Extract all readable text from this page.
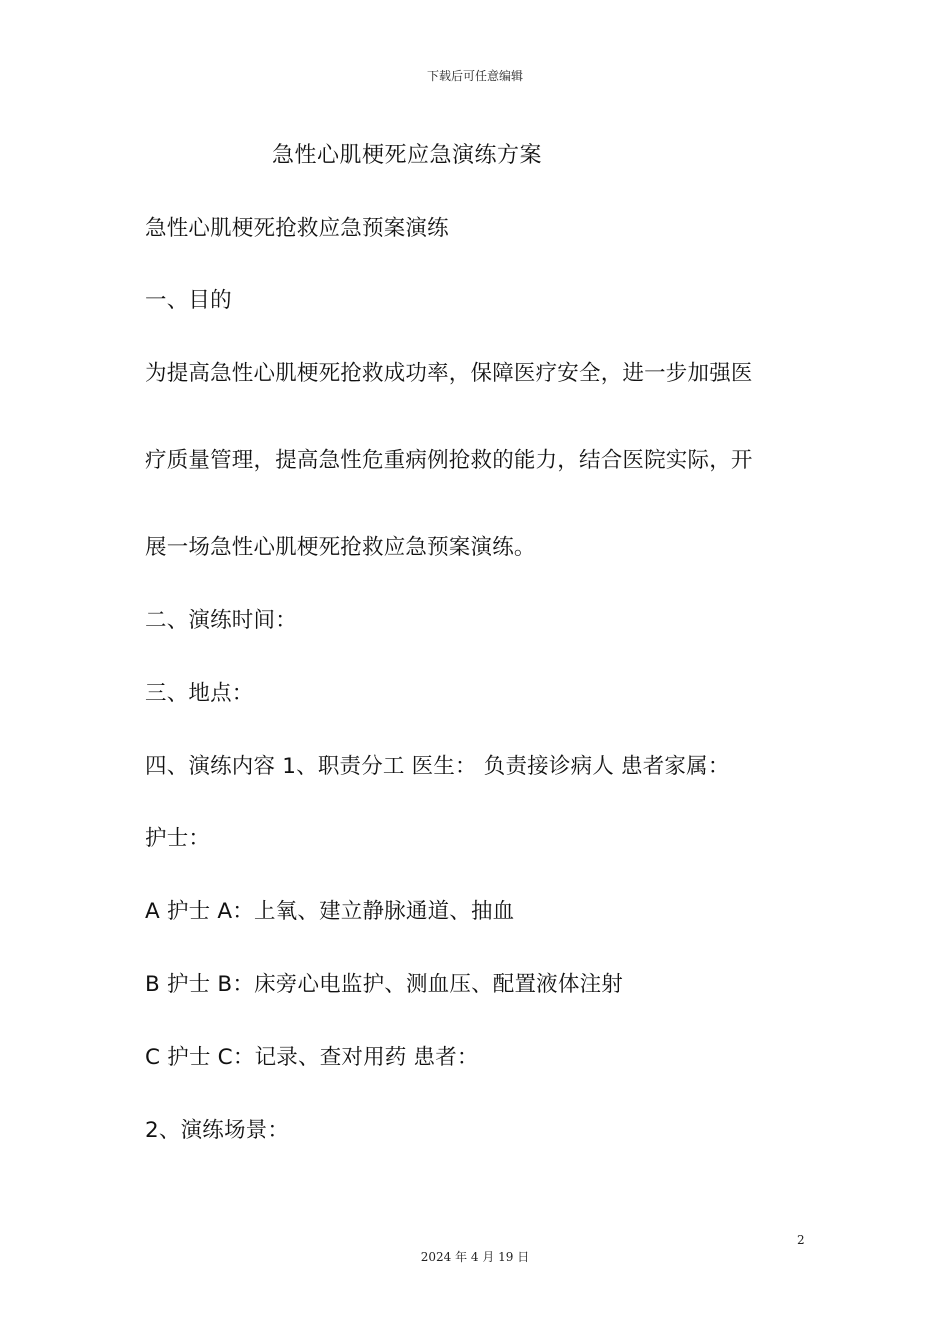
下载后可任意编辑
急性心肌梗死应急演练方案
急性心肌梗死抢救应急预案演练
一、目的
为提高急性心肌梗死抢救成功率，保障医疗安全，进一步加强医
疗质量管理，提高急性危重病例抢救的能力，结合医院实际，开
展一场急性心肌梗死抢救应急预案演练。
二、演练时间：
三、地点：
四、演练内容 1、职责分工 医生： 负责接诊病人 患者家属：
护士：
A 护士 A：上氧、建立静脉通道、抽血
B 护士 B：床旁心电监护、测血压、配置液体注射
C 护士 C：记录、查对用药 患者：
2、演练场景：
2
2024 年 4 月 19 日
